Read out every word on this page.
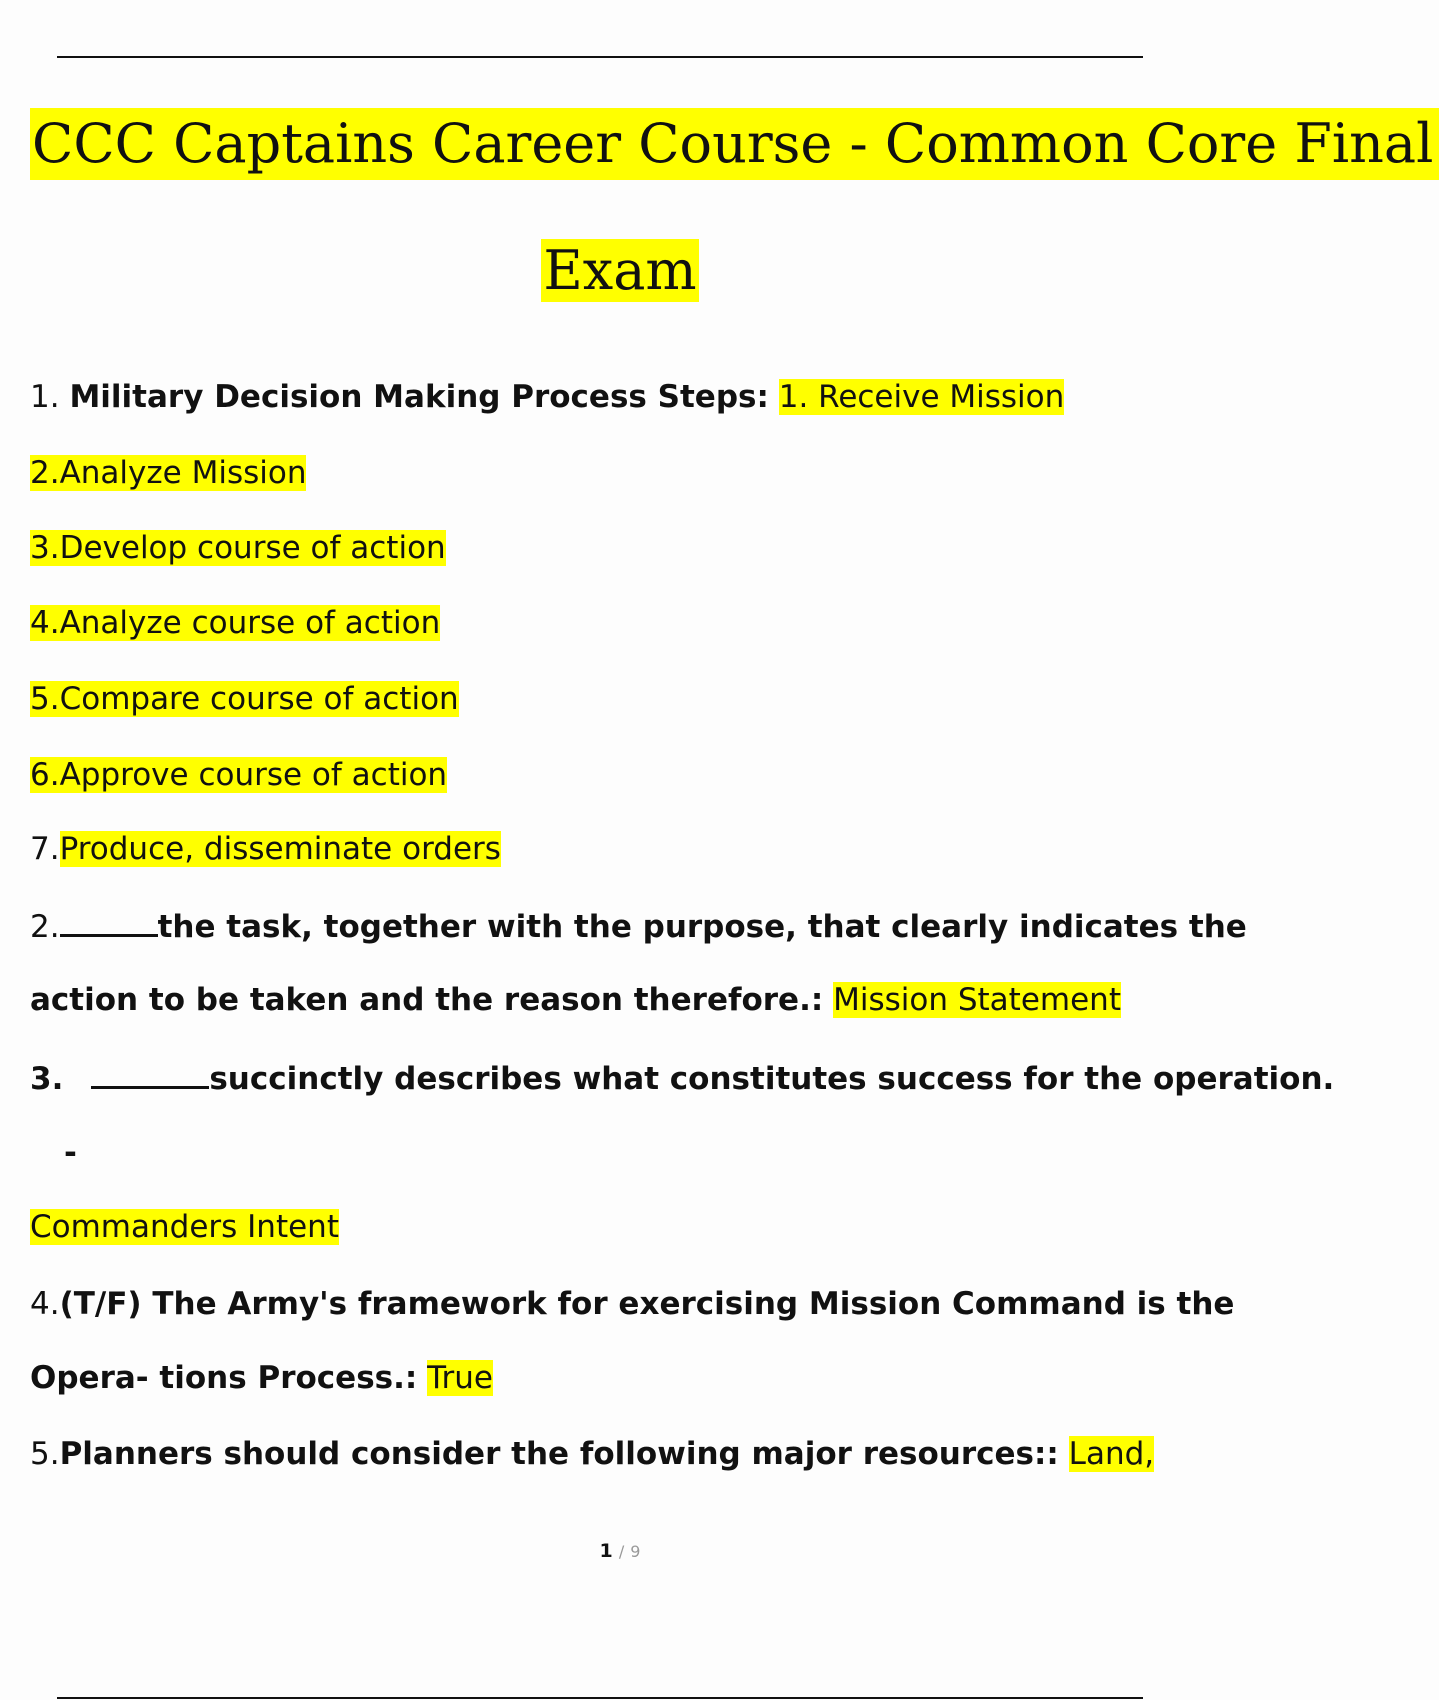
CCC Captains Career Course - Common Core Final
Exam
1. Military Decision Making Process Steps: 1. Receive Mission
2.Analyze Mission
3.Develop course of action
4.Analyze course of action
5.Compare course of action
6.Approve course of action
7.Produce, disseminate orders
2.	the task, together with the purpose, that clearly indicates the
action to be taken and the reason therefore.: Mission Statement
3.	succinctly describes what constitutes success for the operation.
-
Commanders Intent
4.(T/F) The Army's framework for exercising Mission Command is the
Opera- tions Process.: True
5.Planners should consider the following major resources:: Land,
1 / 9
